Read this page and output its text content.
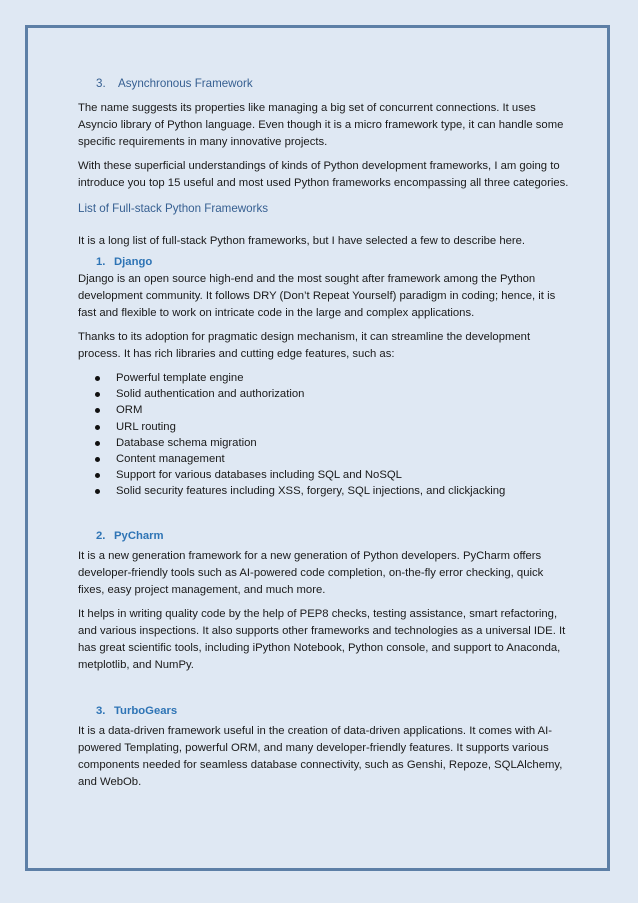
3. Asynchronous Framework

The name suggests its properties like managing a big set of concurrent connections. It uses Asyncio library of Python language. Even though it is a micro framework type, it can handle some specific requirements in many innovative projects.

With these superficial understandings of kinds of Python development frameworks, I am going to introduce you top 15 useful and most used Python frameworks encompassing all three categories.

List of Full-stack Python Frameworks

It is a long list of full-stack Python frameworks, but I have selected a few to describe here.

1. Django

Django is an open source high-end and the most sought after framework among the Python development community. It follows DRY (Don’t Repeat Yourself) paradigm in coding; hence, it is fast and flexible to work on intricate code in the large and complex applications.

Thanks to its adoption for pragmatic design mechanism, it can streamline the development process. It has rich libraries and cutting edge features, such as:

Powerful template engine
Solid authentication and authorization
ORM
URL routing
Database schema migration
Content management
Support for various databases including SQL and NoSQL
Solid security features including XSS, forgery, SQL injections, and clickjacking
2. PyCharm

It is a new generation framework for a new generation of Python developers. PyCharm offers developer-friendly tools such as AI-powered code completion, on-the-fly error checking, quick fixes, easy project management, and much more.

It helps in writing quality code by the help of PEP8 checks, testing assistance, smart refactoring, and various inspections. It also supports other frameworks and technologies as a universal IDE. It has great scientific tools, including iPython Notebook, Python console, and support to Anaconda, metplotlib, and NumPy.

3. TurboGears

It is a data-driven framework useful in the creation of data-driven applications. It comes with AI-powered Templating, powerful ORM, and many developer-friendly features. It supports various components needed for seamless database connectivity, such as Genshi, Repoze, SQLAlchemy, and WebOb.
